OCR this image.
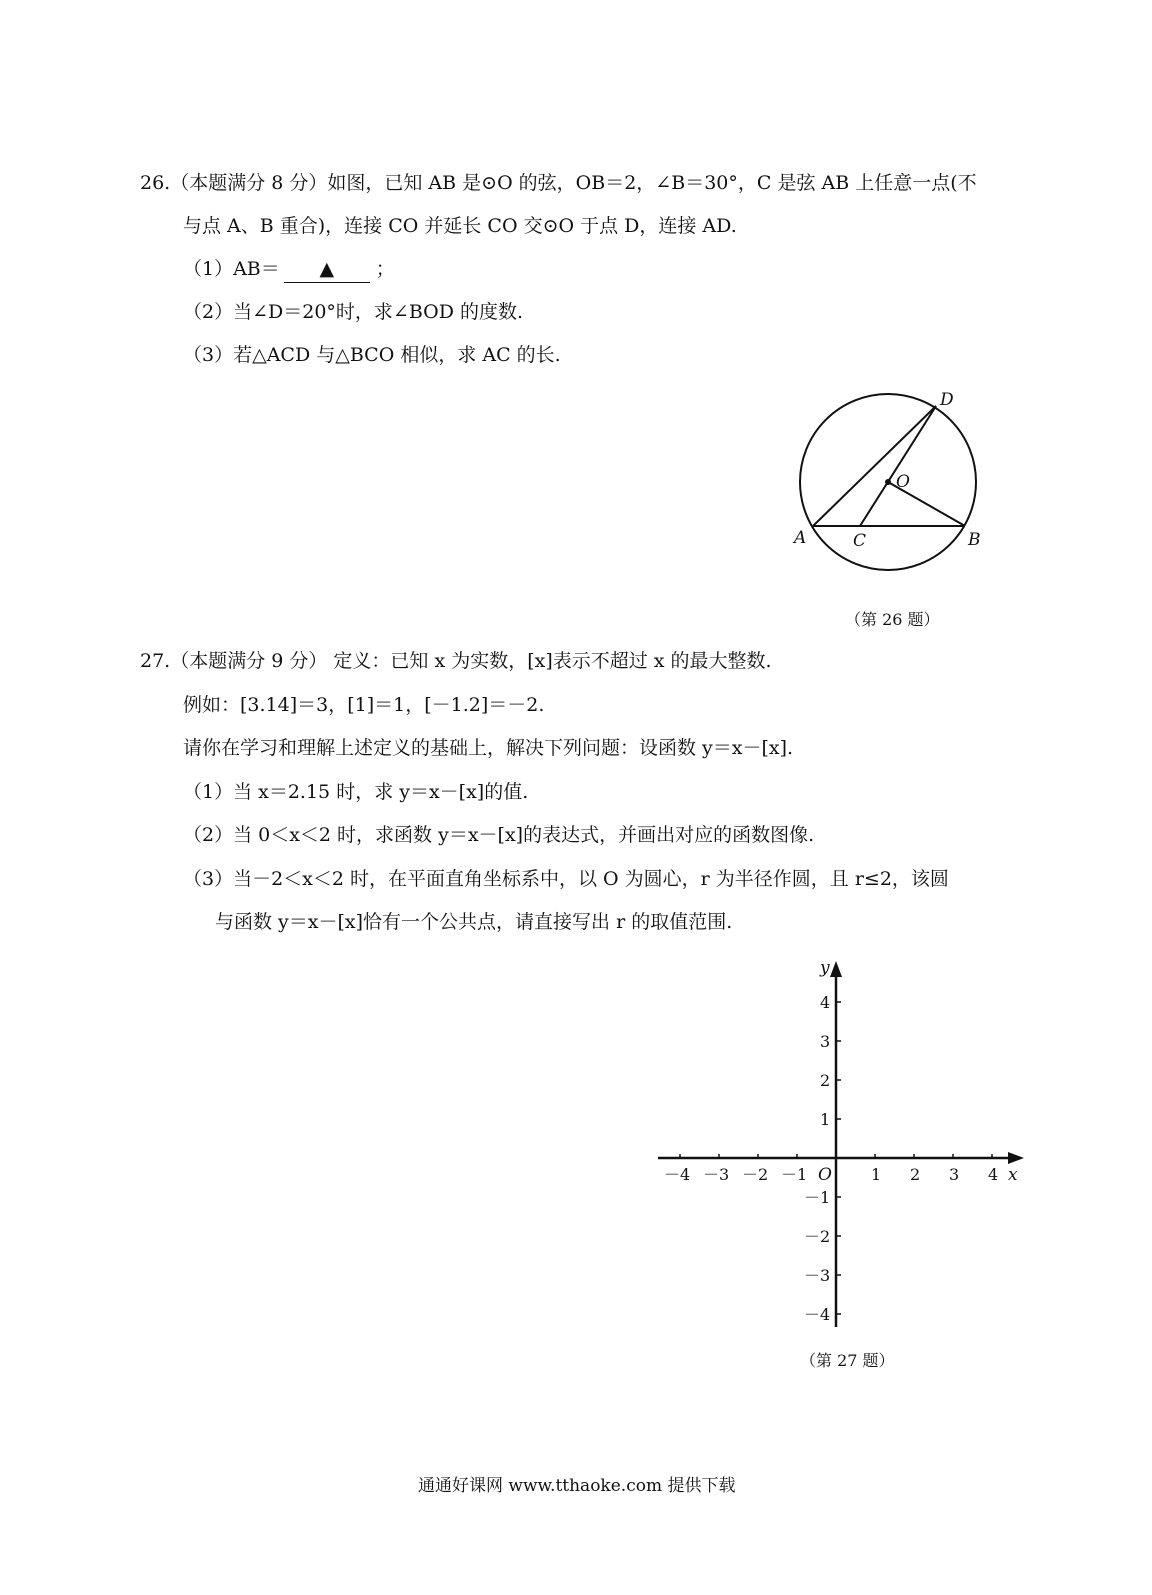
26.（本题满分 8 分）如图，已知 AB 是⊙O 的弦，OB＝2，∠B＝30°，C 是弦 AB 上任意一点(不
与点 A、B 重合)，连接 CO 并延长 CO 交⊙O 于点 D，连接 AD.
（1）AB＝ ▲ ；
（2）当∠D＝20°时，求∠BOD 的度数.
（3）若△ACD 与△BCO 相似，求 AC 的长.
D
O
A	C	B
（第 26 题）
27.（本题满分 9 分） 定义：已知 x 为实数，[x]表示不超过 x 的最大整数.
例如：[3.14]＝3，[1]＝1，[－1.2]＝－2.
请你在学习和理解上述定义的基础上，解决下列问题：设函数 y＝x－[x].
（1）当 x＝2.15 时，求 y＝x－[x]的值.
（2）当 0＜x＜2 时，求函数 y＝x－[x]的表达式，并画出对应的函数图像.
（3）当－2＜x＜2 时，在平面直角坐标系中，以 O 为圆心，r 为半径作圆，且 r≤2，该圆
与函数 y＝x－[x]恰有一个公共点，请直接写出 r 的取值范围.
x
y
O
－4 －3 －2 －1	1 2 3 4
4
3
2
1
－1
－2
－3
－4
（第 27 题）
通通好课网 www.tthaoke.com 提供下载
